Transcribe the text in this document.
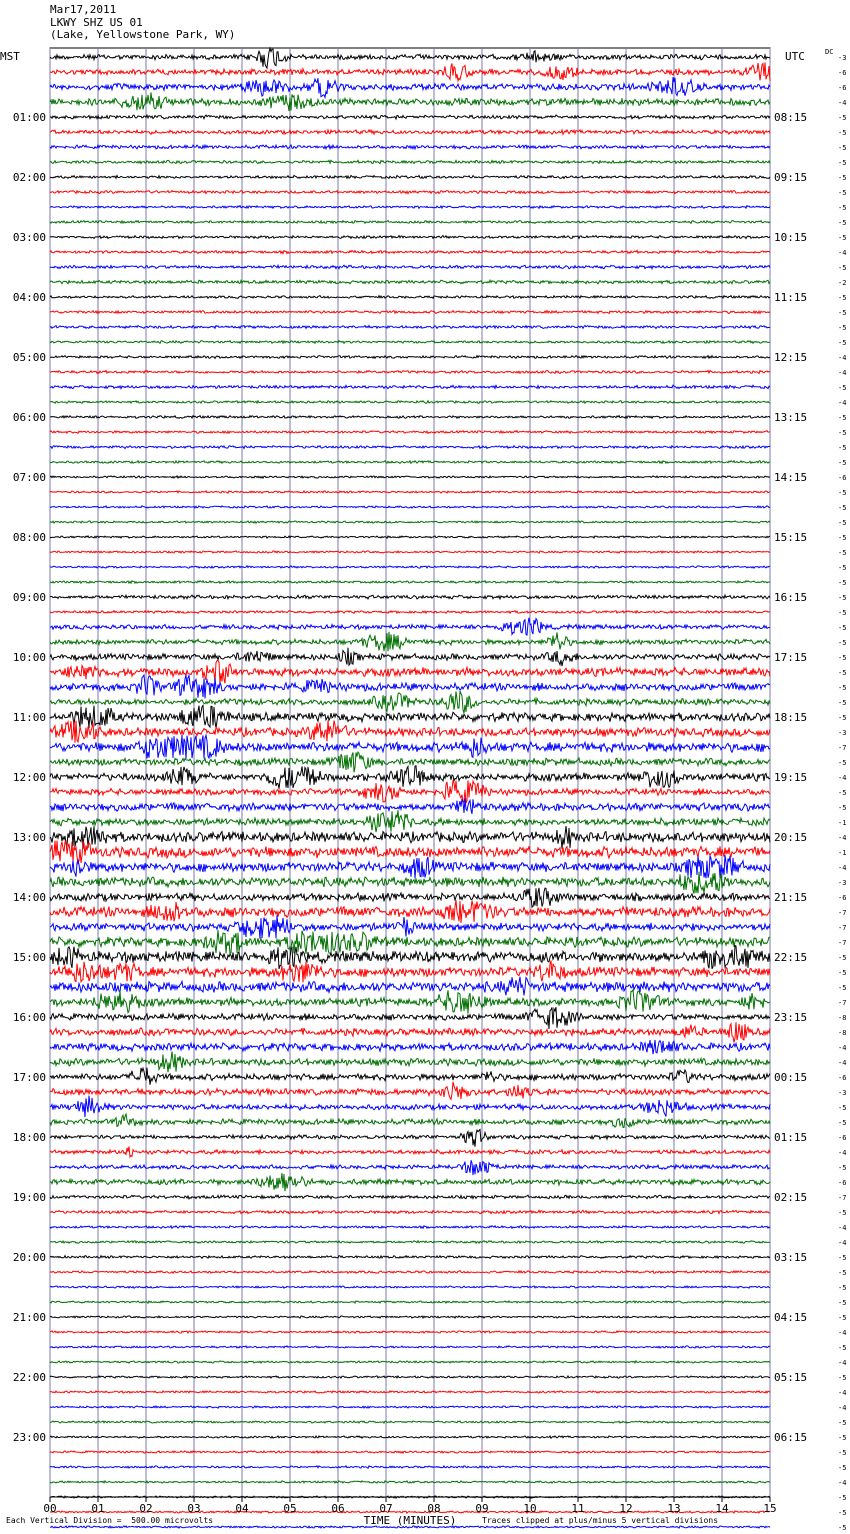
Mar17,2011
LKWY SHZ US 01
(Lake, Yellowstone Park, WY)
MST	UTC	DC
00	01	02	03	04	05	06	07	08	09	10	11	12	13	14	15
TIME (MINUTES)
-3
-6
-6
-4
-5
-5
-5
-5
-5
-5
-5
-5
-5
-4
-5
-2
-5
-5
-5
-5
-4
-4
-5
-4
-5
-5
-5
-5
-6
-5
-5
-5
-5
-5
-5
-5
-5
-5
-5
-5
-5
-5
-5
-5
-5
-3
-7
-5
-4
-5
-5
-1
-4
-1
-4
-3
-6
-7
-7
-7
-5
-5
-5
-7
-8
-8
-4
-4
-6
-3
-5
-5
-6
-4
-5
-6
-7
-5
-4
-4
-5
-5
-5
-5
-5
-4
-5
-4
-5
-4
-4
-5
-5
-5
-5
-4
-5
-5
-5
01:00
02:00
03:00
04:00
05:00
06:00
07:00
08:00
09:00
10:00
11:00
12:00
13:00
14:00
15:00
16:00
17:00
18:00
19:00
20:00
21:00
22:00
23:00
08:15
09:15
10:15
11:15
12:15
13:15
14:15
15:15
16:15
17:15
18:15
19:15
20:15
21:15
22:15
23:15
00:15
01:15
02:15
03:15
04:15
05:15
06:15
Each Vertical Division =  500.00 microvolts	Traces clipped at plus/minus 5 vertical divisions
